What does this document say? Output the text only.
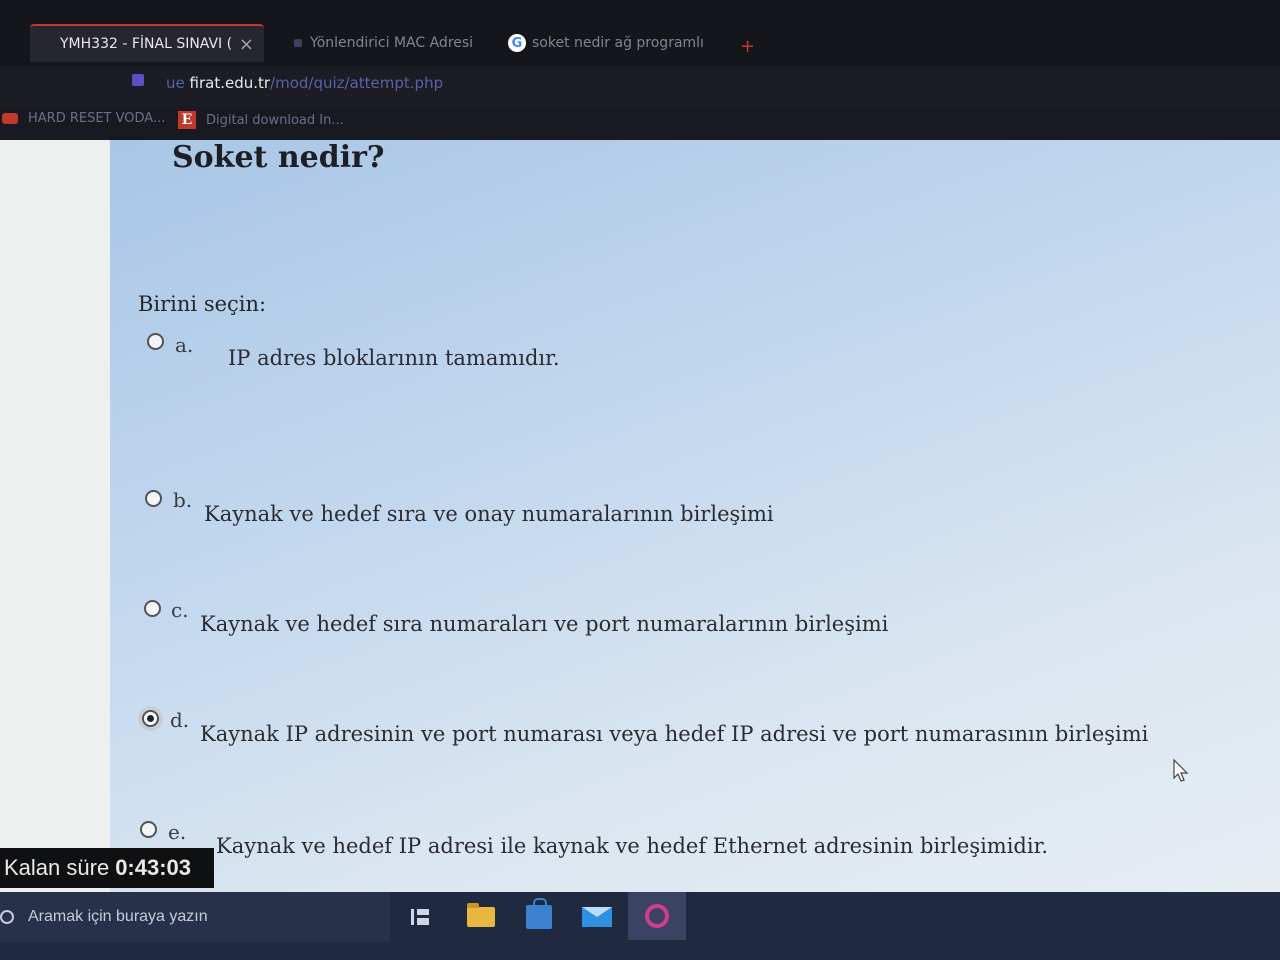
YMH332 - FİNAL SINAVI ( ×	Yönlendirici MAC Adresi	G soket nedir ağ programlı +
ue firat.edu.tr/mod/quiz/attempt.php
HARD RESET VODA... E Digital download In...
Soket nedir?
Birini seçin:
a.
IP adres bloklarının tamamıdır.
b.
Kaynak ve hedef sıra ve onay numaralarının birleşimi
c.
Kaynak ve hedef sıra numaraları ve port numaralarının birleşimi
d.
Kaynak IP adresinin ve port numarası veya hedef IP adresi ve port numarasının birleşimi
e.
Kaynak ve hedef IP adresi ile kaynak ve hedef Ethernet adresinin birleşimidir.
Kalan süre 0:43:03
Aramak için buraya yazın
